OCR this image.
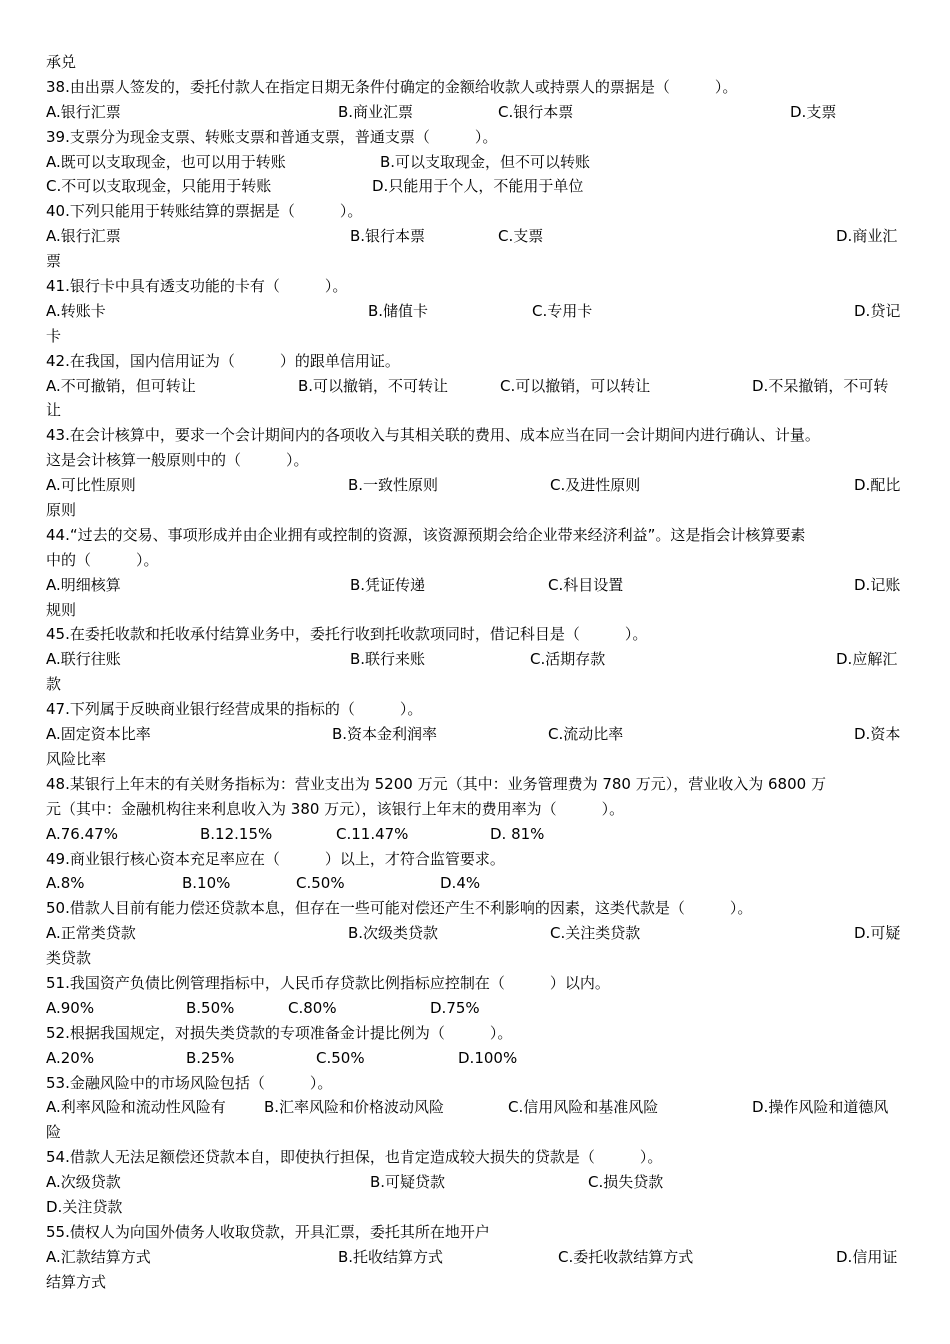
承兑
38.由出票人签发的，委托付款人在指定日期无条件付确定的金额给收款人或持票人的票据是（　　　）。
A.银行汇票	B.商业汇票	C.银行本票	D.支票
39.支票分为现金支票、转账支票和普通支票，普通支票（　　　）。
A.既可以支取现金，也可以用于转账	B.可以支取现金，但不可以转账
C.不可以支取现金，只能用于转账	D.只能用于个人，不能用于单位
40.下列只能用于转账结算的票据是（　　　）。
A.银行汇票	B.银行本票	C.支票	D.商业汇
票
41.银行卡中具有透支功能的卡有（　　　）。
A.转账卡	B.储值卡	C.专用卡	D.贷记
卡
42.在我国，国内信用证为（　　　）的跟单信用证。
A.不可撤销，但可转让	B.可以撤销，不可转让	C.可以撤销，可以转让	D.不呆撤销，不可转
让
43.在会计核算中，要求一个会计期间内的各项收入与其相关联的费用、成本应当在同一会计期间内进行确认、计量。
这是会计核算一般原则中的（　　　）。
A.可比性原则	B.一致性原则	C.及进性原则	D.配比
原则
44.“过去的交易、事项形成并由企业拥有或控制的资源，该资源预期会给企业带来经济利益”。这是指会计核算要素
中的（　　　）。
A.明细核算	B.凭证传递	C.科目设置	D.记账
规则
45.在委托收款和托收承付结算业务中，委托行收到托收款项同时，借记科目是（　　　）。
A.联行往账	B.联行来账	C.活期存款	D.应解汇
款
47.下列属于反映商业银行经营成果的指标的（　　　）。
A.固定资本比率	B.资本金利润率	C.流动比率	D.资本
风险比率
48.某银行上年末的有关财务指标为：营业支出为 5200 万元（其中：业务管理费为 780 万元），营业收入为 6800 万
元（其中：金融机构往来利息收入为 380 万元），该银行上年末的费用率为（　　　）。
A.76.47%	B.12.15%	C.11.47%	D. 81%
49.商业银行核心资本充足率应在（　　　）以上，才符合监管要求。
A.8%	B.10%	C.50%	D.4%
50.借款人目前有能力偿还贷款本息，但存在一些可能对偿还产生不利影响的因素，这类代款是（　　　）。
A.正常类贷款	B.次级类贷款	C.关注类贷款	D.可疑
类贷款
51.我国资产负债比例管理指标中，人民币存贷款比例指标应控制在（　　　）以内。
A.90%	B.50%	C.80%	D.75%
52.根据我国规定，对损失类贷款的专项准备金计提比例为（　　　）。
A.20%	B.25%	C.50%	D.100%
53.金融风险中的市场风险包括（　　　）。
A.利率风险和流动性风险有	B.汇率风险和价格波动风险	C.信用风险和基准风险	D.操作风险和道德风
险
54.借款人无法足额偿还贷款本自，即使执行担保，也肯定造成较大损失的贷款是（　　　）。
A.次级贷款	B.可疑贷款	C.损失贷款
D.关注贷款
55.债权人为向国外债务人收取贷款，开具汇票，委托其所在地开户
A.汇款结算方式	B.托收结算方式	C.委托收款结算方式	D.信用证
结算方式
